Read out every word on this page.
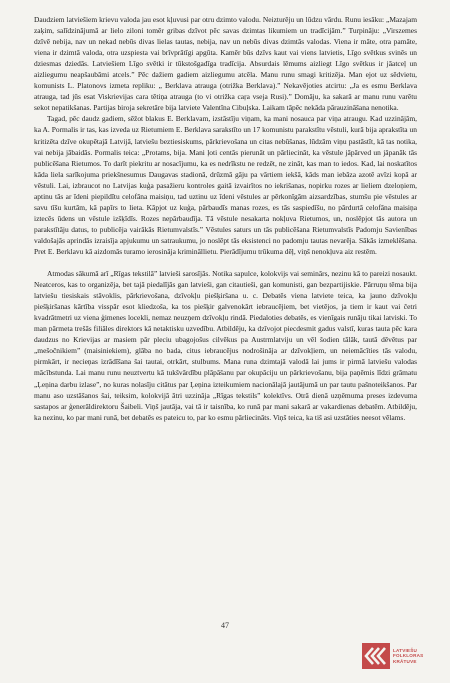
Daudziem latviešiem krievu valoda jau esot kļuvusi par otru dzimto valodu. Neizturēju un lūdzu vārdu. Runu iesāku: „Mazajam zaķim, salīdzinājumā ar lielo ziloni tomēr gribas dzīvot pēc savas dzimtas likumiem un tradīcijām.” Turpināju: „Virszemes dzīvē nebija, nav un nekad nebūs divas lielas tautas, nebija, nav un nebūs divas dzimtās valodas. Viena ir māte, otra pamāte, viena ir dzimtā valoda, otra uzspiesta vai brīvprātīgi apgūta. Kamēr būs dzīvs kaut vai viens latvietis, Līgo svētkus svinēs un dziesmas dziedās. Latviešiem Līgo svētki ir tūkstošgadīga tradīcija. Absurdais lēmums aizliegt Līgo svētkus ir jāatceļ un aizliegumu neapšaubāmi atcels.” Pēc dažiem gadiem aizliegumu atcēla. Manu runu smagi kritizēja. Man ejot uz sēdvietu, komunists L. Platonovs izmeta repliku: „ Berklava atrauga (otrižka Berklava).” Nekavējoties atcirtu: „Ja es esmu Berklava atrauga, tad jūs esat Viskrievijas cara tētiņa atrauga (to vi otrižka caŗa vseja Rusi).” Domāju, ka sakarā ar manu runu varētu sekot nepatikšanas. Partijas biroja sekretāre bija latviete Valentīna Cibuļska. Laikam tāpēc nekāda pārauzināšana nenotika.

Tagad, pēc daudz gadiem, sēžot blakus E. Berklavam, izstāstīju viņam, ka mani nosauca par viņa atraugu. Kad uzzinājām, ka A. Pormalis ir tas, kas izveda uz Rietumiem E. Berklava sarakstīto un 17 komunistu parakstītu vēstuli, kurā bija aprakstīta un kritizēta dzīve okupētajā Latvijā, latviešu beztiesiskums, pārkrievošana un citas nebūšanas, lūdzām viņu pastāstīt, kā tas notika, vai nebija jābaidās. Pormalis teica: „Protams, bija. Mani ļoti centās pierunāt un pārliecināt, ka vēstule jāpārved un jāpanāk tās publicēšana Rietumos. To darīt piekritu ar nosacījumu, ka es nedrīkstu ne redzēt, ne zināt, kas man to iedos. Kad, lai noskatītos kāda liela sarīkojuma priekšnesumus Daugavas stadionā, drūzmā gāju pa vārtiem iekšā, kāds man iebāza azotē avīzi kopā ar vēstuli. Lai, izbraucot no Latvijas kuģa pasažieru kontroles gaitā izvairītos no iekrišanas, nopirku rozes ar lieliem dzeloņiem, aptinu tās ar īdeni piepildītu celofāna maisiņu, tad uztinu uz īdeni vēstules ar pērkonīgām aizsardzības, stumšu pie vēstules ar savu tīšu kurtām, kā papīrs to lieta. Kāpjot uz kuģa, pārbaudīs manas rozes, es tās saspiedīšu, no pārdurtā celofāna maisiņa iztecēs ūdens un vēstule izšķīdīs. Rozes nepārbaudīja. Tā vēstule nesakarta nokļuva Rietumos, un, noslēpjot tās autora un parakstītāju datus, to publicēja vairākās Rietumvalstīs.” Vēstules saturs un tās publicēšana Rietumvalstīs Padomju Savienības valdošajās aprindās izraisīja apjukumu un satraukumu, jo noslēpt tās eksistenci no padomju tautas nevarēja. Sākās izmeklēšana. Pret E. Berklavu kā aizdomās turamo ierosināja krimināllietu. Pierādījumu trūkuma dēļ, viņš nenokļuva aiz restēm.

Atmodas sākumā arī „Rīgas tekstilā” latvieši sarosījās. Notika sapulce, kolokvijs vai seminārs, nezinu kā to pareizi nosaukt. Neatceros, kas to organizēja, bet tajā piedalījās gan latvieši, gan citautieši, gan komunisti, gan bezpartijiskie. Pārruņu tēma bija latviešu tiesiskais stāvoklis, pārkrievošana, dzīvokļu piešķiršana u. c. Debatēs viena latviete teica, ka jauno dzīvokļu piešķiršanas kārtība visspār esot kliedzoša, ka tos piešķir galvenokārt iebraucējiem, bet vietējos, ja tiem ir kaut vai četri kvadrātmetri uz viena ģimenes locekli, nemaz neuzņem dzīvokļu rindā. Piedaloties debatēs, es vienīgais runāju tikai latviski. To man pārmeta trešās filiāles direktors kā netaktisku uzvedību. Atbildēju, ka dzīvojot piecdesmit gadus valstī, kuras tauta pēc kara daudzus no Krievijas ar masiem pār pleciu ubagojošus cilvēkus pa Austrmlatviju un vēl šodien tālāk, tautā dēvētus par „mešočnikiem” (maisiniekiem), glāba no bada, citus iebraucējus nodrošināja ar dzīvokļiem, un neiemācīties tās valodu, pirmkārt, ir necieņas izrādīšana šai tautai, otrkārt, stulbums. Mana runa dzimtajā valodā lai jums ir pirmā latviešu valodas mācībstunda. Lai manu runu neuztvertu kā tukšvārdību plāpāšanu par okupāciju un pārkrievošanu, bija paņēmis līdzi grāmatu „Ļeņina darbu izlase”, no kuras nolasīju citātus par Ļeņina izteikumiem nacionālajā jautājumā un par tautu pašnoteikšanos. Par manu aso uzstāšanos šai, teiksim, kolokvijā ātri uzzināja „Rīgas tekstils” kolektīvs. Otrā dienā uzņēmuma preses izdevuma sastapos ar ģenerāldirektoru Šaibeli. Viņš jautāja, vai tā ir taisnība, ko runā par mani sakarā ar vakardienas debatēm. Atbildēju, ka nezinu, ko par mani runā, bet debatēs es pateicu to, par ko esmu pārliecināts. Viņš teica, ka tiš asi uzstāties neesot vēlams.

47
LATVIEŠU
FOLKLORAS
KRĀTUVE
